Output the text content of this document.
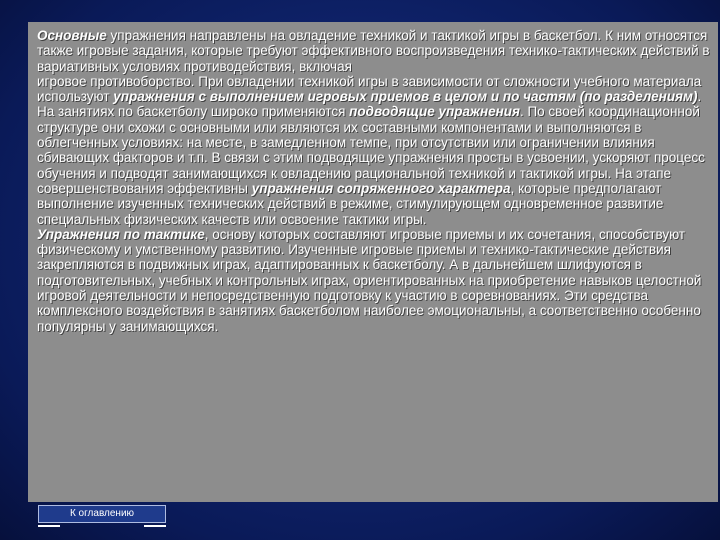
Основные упражнения направлены на овладение техникой и тактикой игры в баскетбол. К ним относятся также игровые задания, которые требуют эффективного воспроизведения технико-тактических действий в вариативных условиях противодействия, включая
игровое противоборство. При овладении техникой игры в зависимости от сложности учебного материала используют упражнения с выполнением игровых приемов в целом и по частям (по разделениям). На занятиях по баскетболу широко применяются подводящие упражнения. По своей координационной структуре они схожи с основными или являются их составными компонентами и выполняются в облегченных условиях: на месте, в замедленном темпе, при отсутствии или ограничении влияния сбивающих факторов и т.п. В связи с этим подводящие упражнения просты в усвоении, ускоряют процесс обучения и подводят занимающихся к овладению рациональной техникой и тактикой игры. На этапе совершенствования эффективны упражнения сопряженного характера, которые предполагают выполнение изученных технических действий в режиме, стимулирующем одновременное развитие специальных физических качеств или освоение тактики игры.
Упражнения по тактике, основу которых составляют игровые приемы и их сочетания, способствуют физическому и умственному развитию. Изученные игровые приемы и технико-тактические действия закрепляются в подвижных играх, адаптированных к баскетболу. А в дальнейшем шлифуются в подготовительных, учебных и контрольных играх, ориентированных на приобретение навыков целостной игровой деятельности и непосредственную подготовку к участию в соревнованиях. Эти средства комплексного воздействия в занятиях баскетболом наиболее эмоциональны, а соответственно особенно популярны у занимающихся.
К оглавлению
